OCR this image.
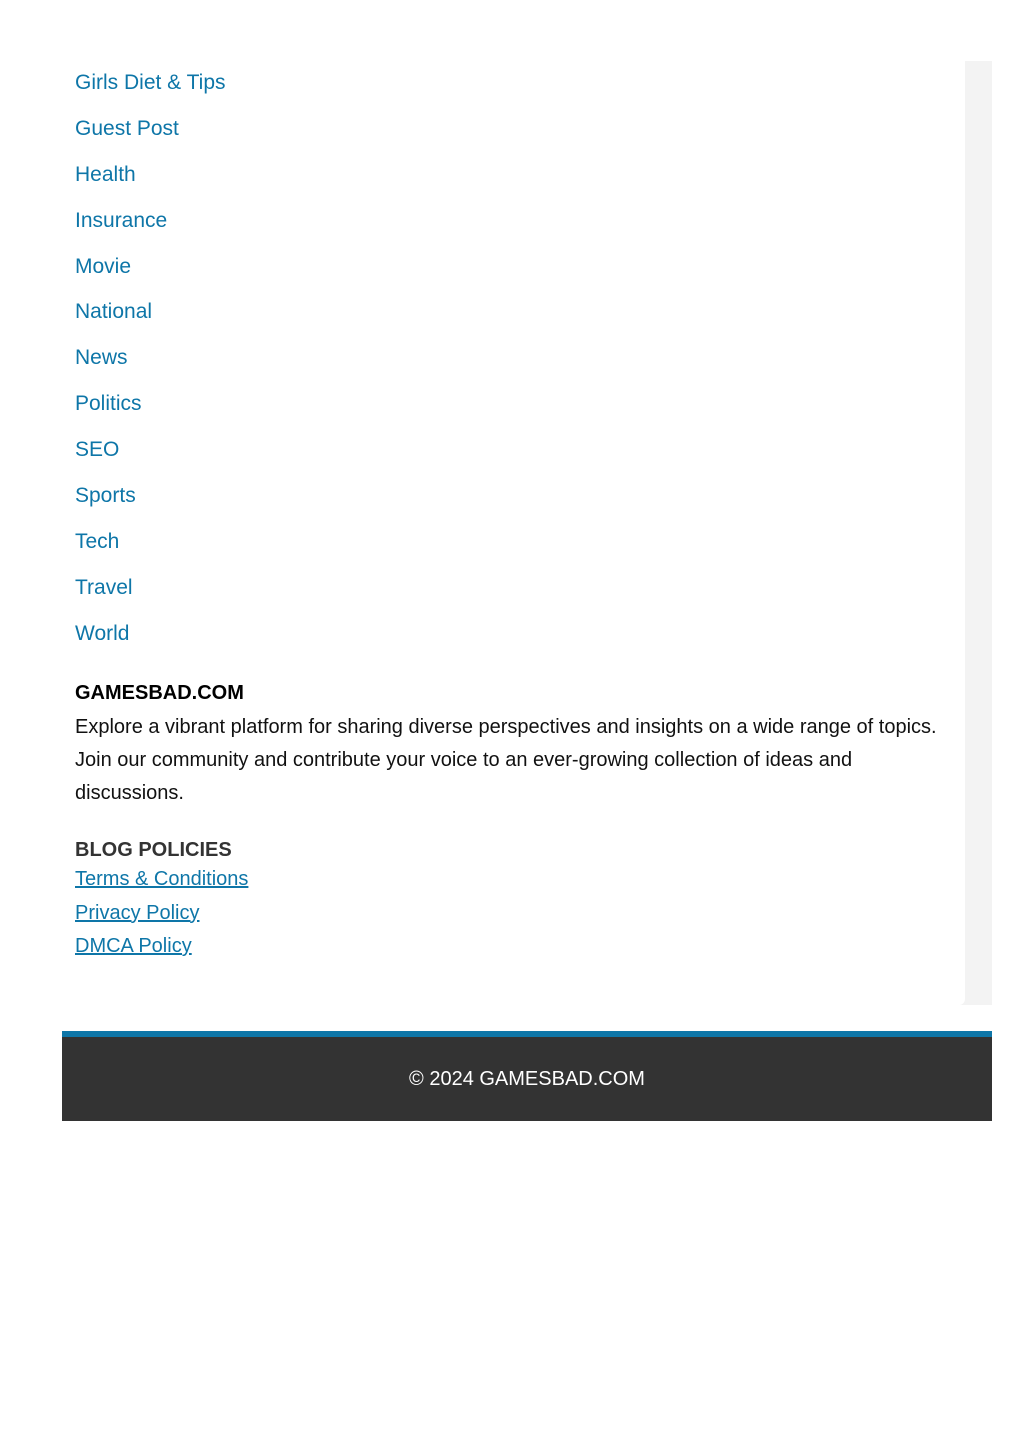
Girls Diet & Tips
Guest Post
Health
Insurance
Movie
National
News
Politics
SEO
Sports
Tech
Travel
World
GAMESBAD.COM

Explore a vibrant platform for sharing diverse perspectives and insights on a wide range of topics. Join our community and contribute your voice to an ever-growing collection of ideas and discussions.

BLOG POLICIES
Terms & Conditions
Privacy Policy
DMCA Policy
© 2024 GAMESBAD.COM
